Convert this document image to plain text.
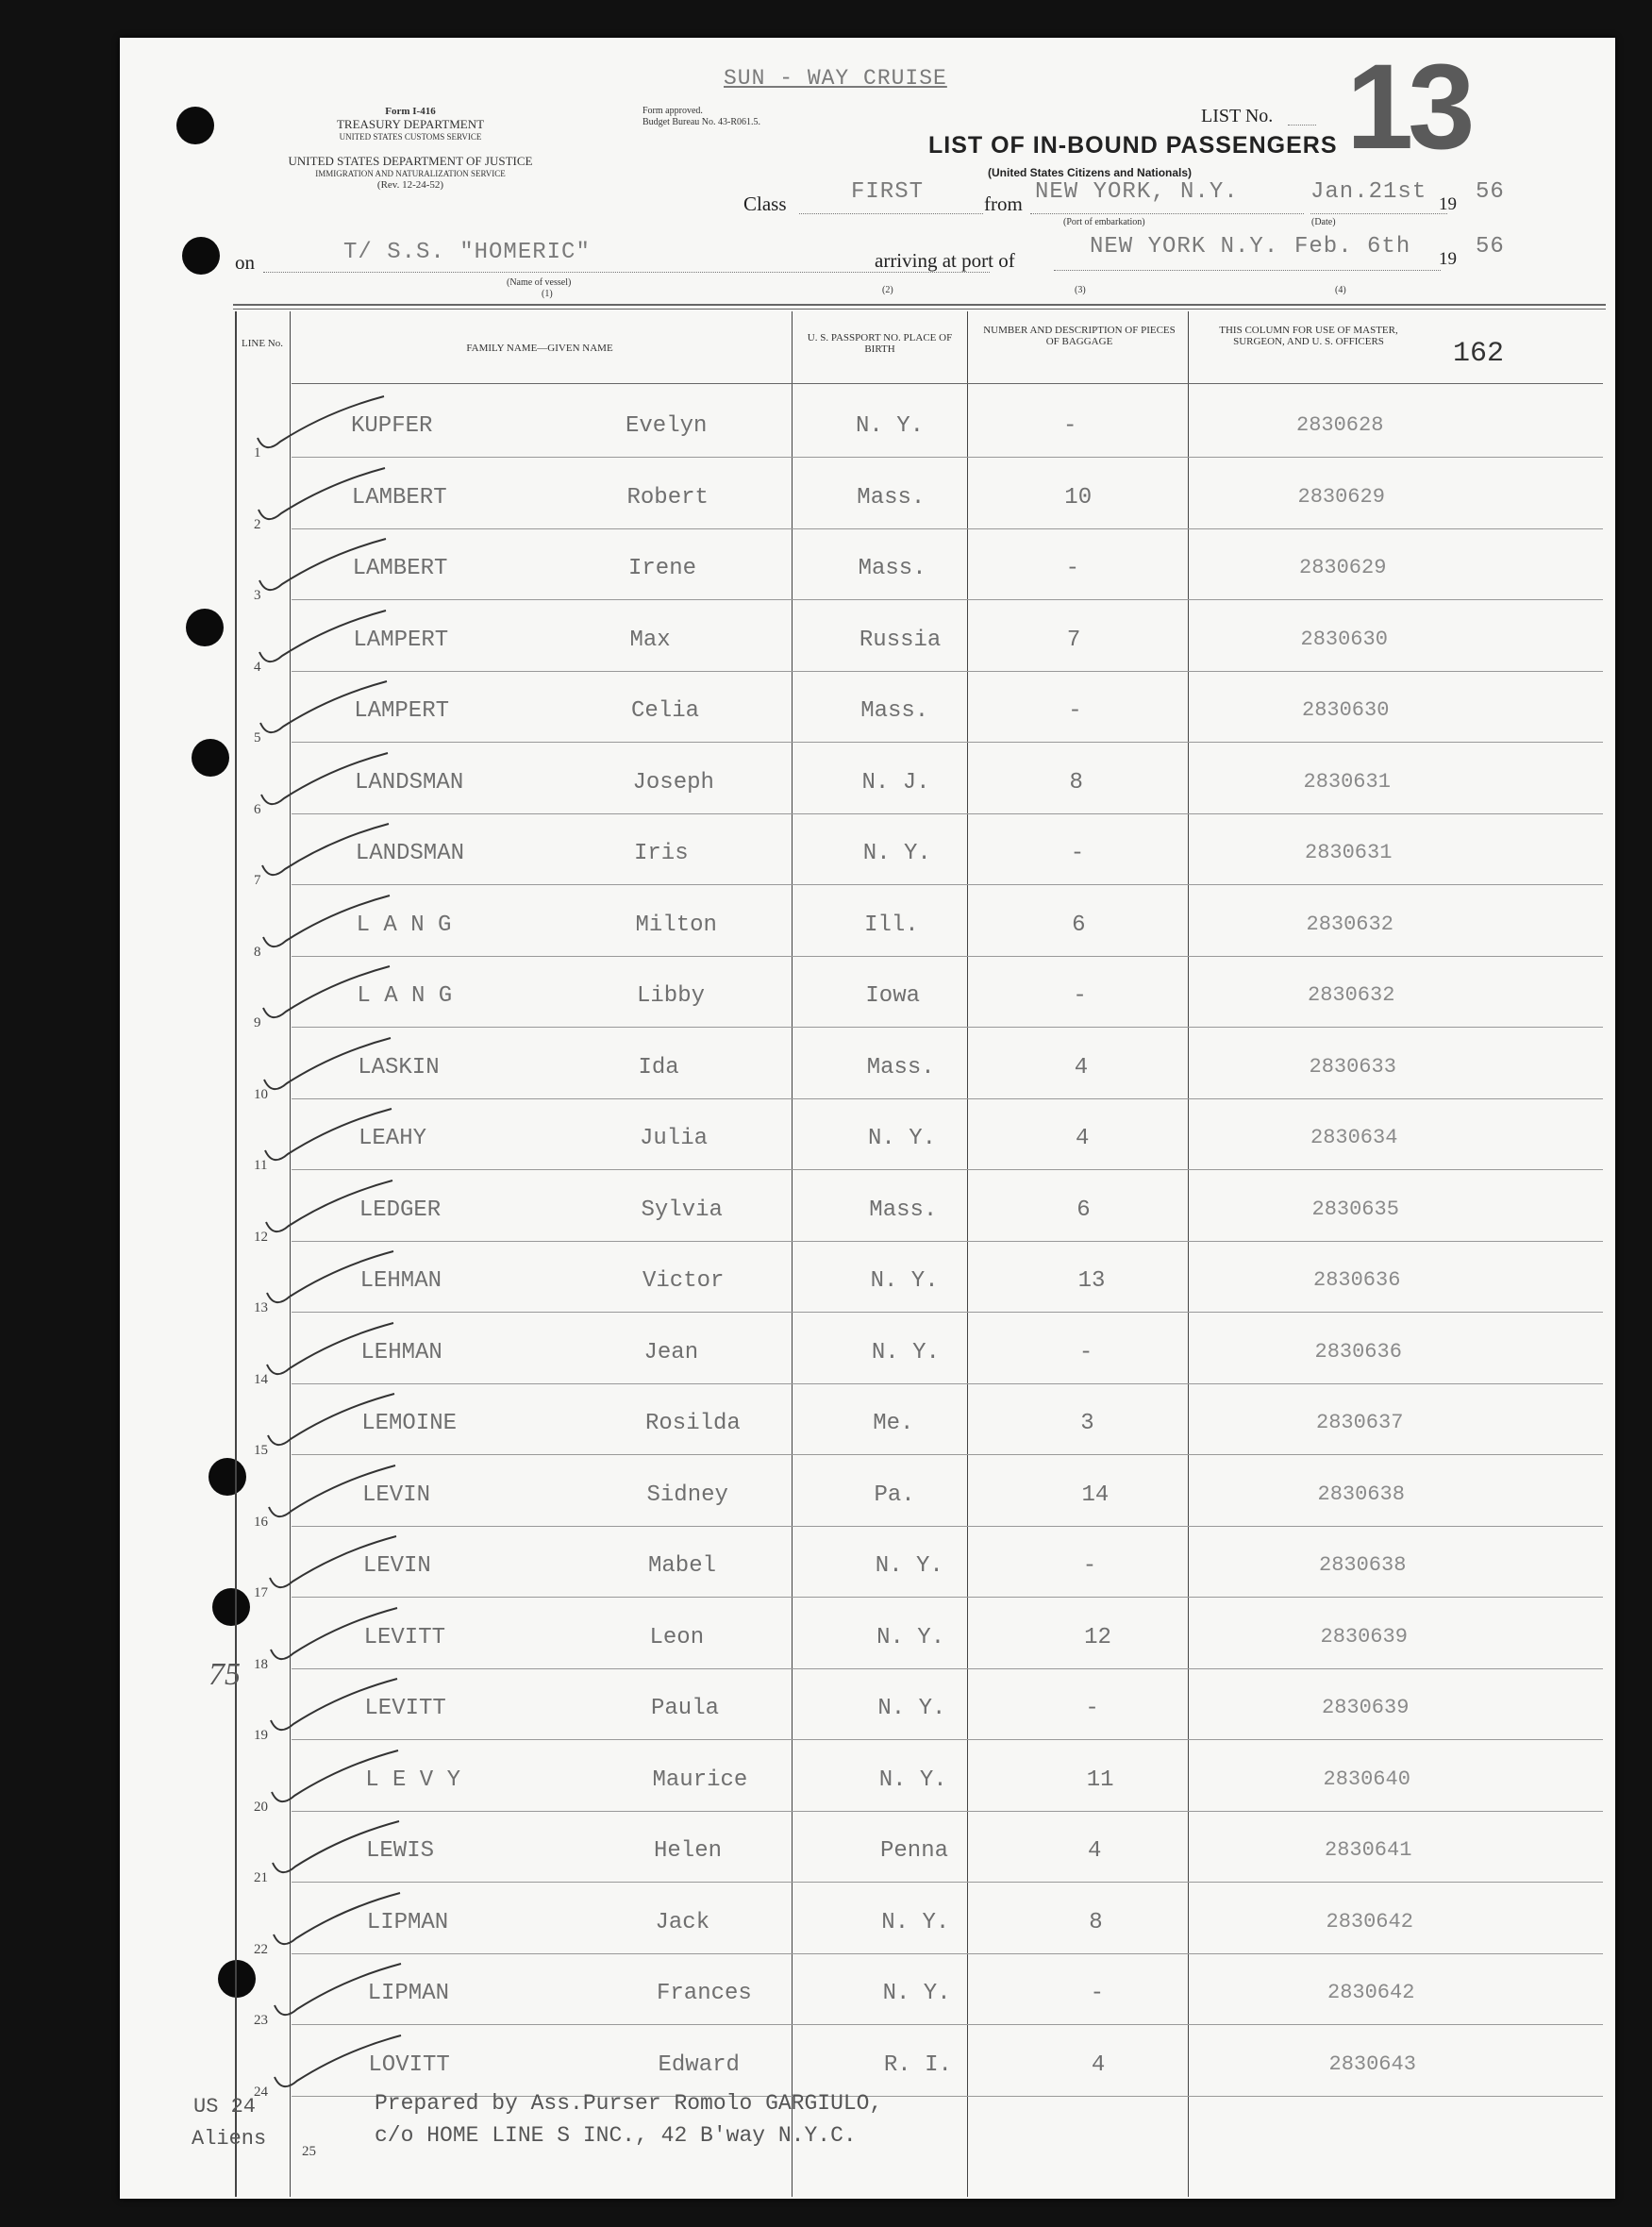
Form I-416
TREASURY DEPARTMENT
UNITED STATES CUSTOMS SERVICE
UNITED STATES DEPARTMENT OF JUSTICE
IMMIGRATION AND NATURALIZATION SERVICE
(Rev. 12-24-52)
Form approved.
Budget Bureau No. 43-R061.5.
SUN - WAY CRUISE
LIST No. 13
LIST OF IN-BOUND PASSENGERS
(United States Citizens and Nationals)
Class	FIRST	from NEW YORK, N.Y.	Jan.21st 19 56
(Port of embarkation)	(Date)
on	T/ S.S. "HOMERIC"
(Name of vessel)
(1)
arriving at port of
NEW YORK N.Y. Feb. 6th 19 56
(2)	(3)	(4)
LINE No.	FAMILY NAME—GIVEN NAME
U. S. PASSPORT NO. PLACE OF BIRTH
NUMBER AND DESCRIPTION OF PIECES OF BAGGAGE
THIS COLUMN FOR USE OF MASTER, SURGEON, AND U. S. OFFICERS	162
1
KUPFER	Evelyn	N. Y.	-	2830628
2
LAMBERT	Robert	Mass.	10	2830629
3
LAMBERT	Irene	Mass.	-	2830629
4
LAMPERT	Max	Russia	7	2830630
5
LAMPERT	Celia	Mass.	-	2830630
6
LANDSMAN	Joseph	N. J.	8	2830631
7
LANDSMAN	Iris	N. Y.	-	2830631
8
L A N G	Milton	Ill.	6	2830632
9
L A N G	Libby	Iowa	-	2830632
10
LASKIN	Ida	Mass.	4	2830633
11
LEAHY	Julia	N. Y.	4	2830634
12
LEDGER	Sylvia	Mass.	6	2830635
13
LEHMAN	Victor	N. Y.	13	2830636
14
LEHMAN	Jean	N. Y.	-	2830636
15
LEMOINE	Rosilda	Me.	3	2830637
16
LEVIN	Sidney	Pa.	14	2830638
17
LEVIN	Mabel	N. Y.	-	2830638
18
LEVITT	Leon	N. Y.	12	2830639
19
LEVITT	Paula	N. Y.	-	2830639
20
L E V Y	Maurice	N. Y.	11	2830640
21
LEWIS	Helen	Penna	4	2830641
22
LIPMAN	Jack	N. Y.	8	2830642
23
LIPMAN	Frances	N. Y.	-	2830642
24
LOVITT	Edward	R. I.	4	2830643
25
Prepared by Ass.Purser Romolo GARGIULO,
c/o HOME LINE S INC., 42 B'way N.Y.C.
US 24
Aliens
75
